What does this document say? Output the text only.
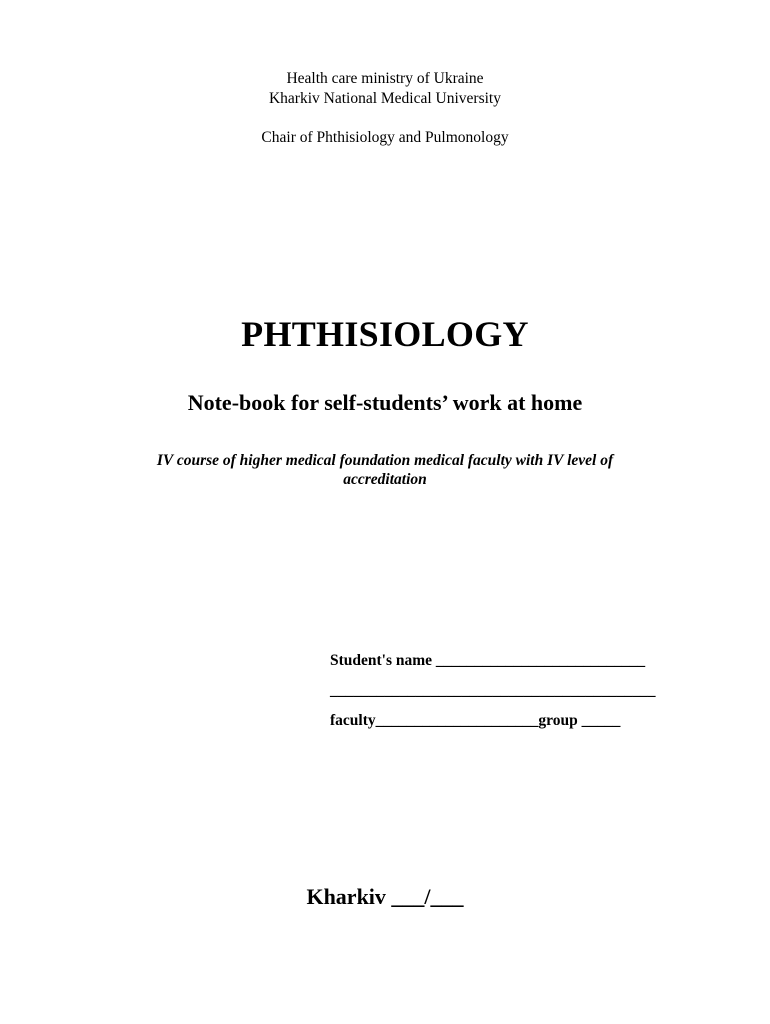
Health care ministry of Ukraine
Kharkiv National Medical University
Chair of Phthisiology and Pulmonology
PHTHISIOLOGY
Note-book for self-students’ work at home
IV course of higher medical foundation medical faculty with IV level of
accreditation
Student's name ___________________________
__________________________________________
faculty_____________________group _____
Kharkiv ___/___
